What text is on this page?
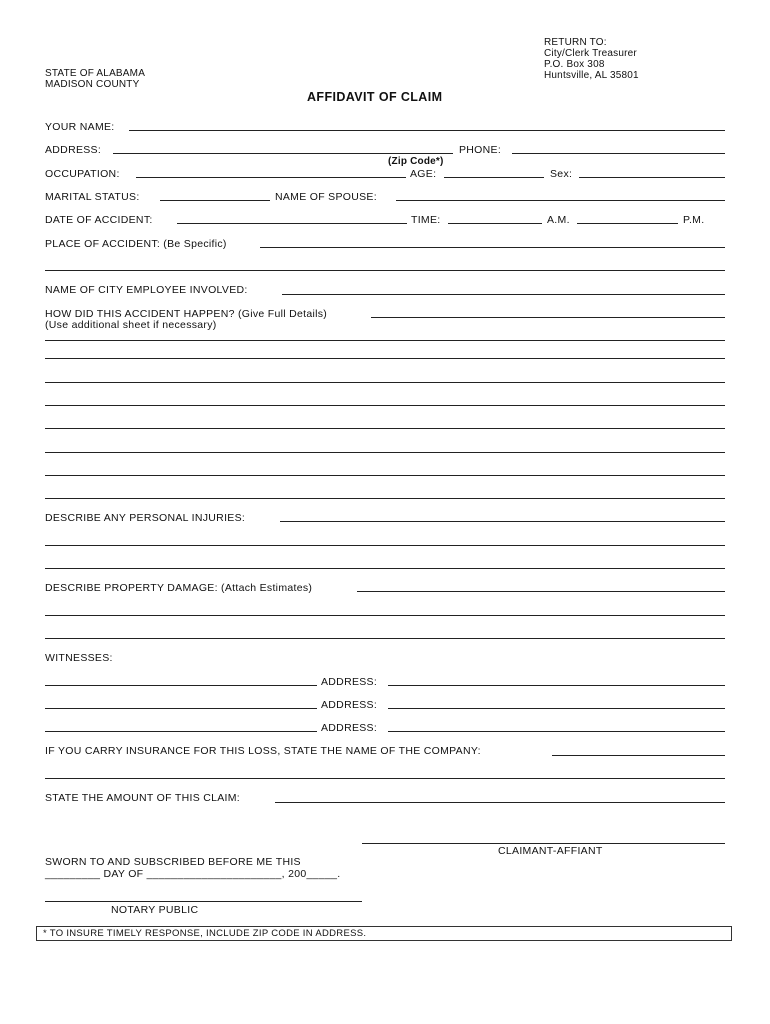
RETURN TO:
City/Clerk Treasurer
P.O. Box 308
Huntsville, AL 35801
STATE OF ALABAMA
MADISON COUNTY
AFFIDAVIT OF CLAIM
YOUR NAME:
ADDRESS:	PHONE:
(Zip Code*)
OCCUPATION:	AGE:	Sex:
MARITAL STATUS:	NAME OF SPOUSE:
DATE OF ACCIDENT:	TIME:	A.M.	P.M.
PLACE OF ACCIDENT: (Be Specific)
NAME OF CITY EMPLOYEE INVOLVED:
HOW DID THIS ACCIDENT HAPPEN? (Give Full Details)
(Use additional sheet if necessary)
DESCRIBE ANY PERSONAL INJURIES:
DESCRIBE PROPERTY DAMAGE: (Attach Estimates)
WITNESSES:
ADDRESS:
ADDRESS:
ADDRESS:
IF YOU CARRY INSURANCE FOR THIS LOSS, STATE THE NAME OF THE COMPANY:
STATE THE AMOUNT OF THIS CLAIM:
CLAIMANT-AFFIANT
SWORN TO AND SUBSCRIBED BEFORE ME THIS
_________ DAY OF ______________________, 200_____.
NOTARY PUBLIC
* TO INSURE TIMELY RESPONSE, INCLUDE ZIP CODE IN ADDRESS.
